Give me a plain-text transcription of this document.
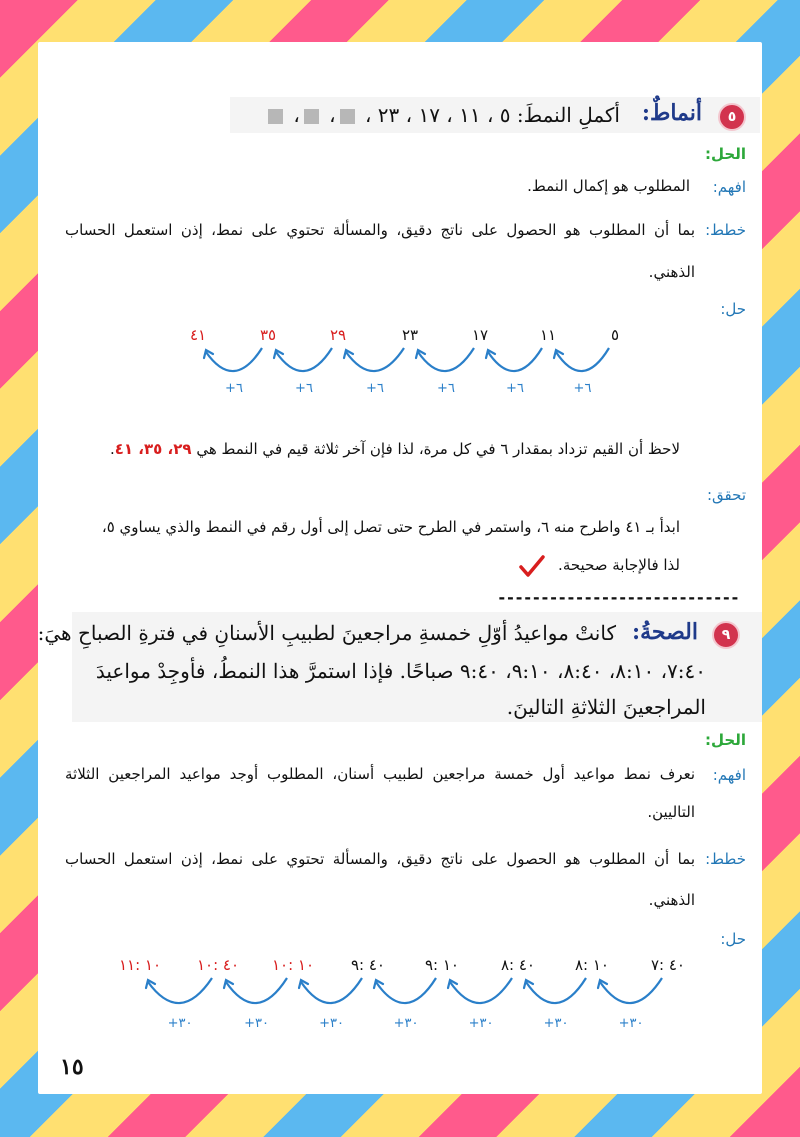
٥
أنماطٌ:
أكملِ النمطَ: ٥ ، ١١ ، ١٧ ، ٢٣ ، ، ،
الحل:
افهم:
المطلوب هو إكمال النمط.
خطط:
بما أن المطلوب هو الحصول على ناتج دقيق، والمسألة تحتوي على نمط، إذن استعمل الحساب
الذهني.
حل:
٥
١١
١٧
٢٣
٢٩
٣٥
٤١
+٦
+٦
+٦
+٦
+٦
+٦
لاحظ أن القيم تزداد بمقدار ٦ في كل مرة، لذا فإن آخر ثلاثة قيم في النمط هي ٢٩، ٣٥، ٤١.
تحقق:
ابدأ بـ ٤١ واطرح منه ٦، واستمر في الطرح حتى تصل إلى أول رقم في النمط والذي يساوي ٥،
لذا فالإجابة صحيحة.
----------------------------
٩
الصحةُ:
كانتْ مواعيدُ أوّلِ خمسةِ مراجعينَ لطبيبِ الأسنانِ في فترةِ الصباحِ هيَ:
٧:٤٠، ٨:١٠، ٨:٤٠، ٩:١٠، ٩:٤٠ صباحًا. فإذا استمرَّ هذا النمطُ، فأوجِدْ مواعيدَ
المراجعينَ الثلاثةِ التالينَ.
الحل:
افهم:
نعرف نمط مواعيد أول خمسة مراجعين لطبيب أسنان، المطلوب أوجد مواعيد المراجعين الثلاثة
التاليين.
خطط:
بما أن المطلوب هو الحصول على ناتج دقيق، والمسألة تحتوي على نمط، إذن استعمل الحساب
الذهني.
حل:
٤٠ :٧
١٠ :٨
٤٠ :٨
١٠ :٩
٤٠ :٩
١٠ :١٠
٤٠ :١٠
١٠ :١١
+٣٠
+٣٠
+٣٠
+٣٠
+٣٠
+٣٠
+٣٠
١٥
